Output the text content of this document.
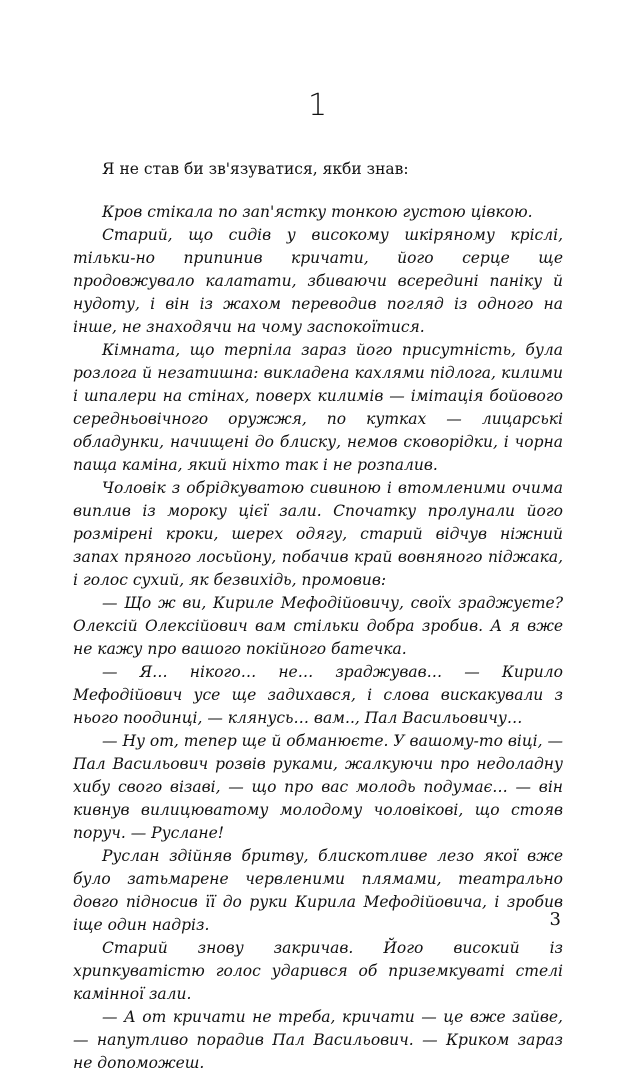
1
Я не став би зв'язуватися, якби знав:

Кров стікала по зап'ястку тонкою густою цівкою.

Старий, що сидів у високому шкіряному кріслі, тільки-но припинив кричати, його серце ще продовжувало калатати, збиваючи всередині паніку й нудоту, і він із жахом переводив погляд із одного на інше, не знаходячи на чому заспокоїтися.

Кімната, що терпіла зараз його присутність, була розлога й незатишна: викладена кахлями підлога, килими і шпалери на стінах, поверх килимів — імітація бойового середньовічного оружжя, по кутках — лицарські обладунки, начищені до блиску, немов сковорідки, і чорна паща каміна, який ніхто так і не розпалив.

Чоловік з обрідкуватою сивиною і втомленими очима виплив із мороку цієї зали. Спочатку пролунали його розмірені кроки, шерех одягу, старий відчув ніжний запах пряного лосьйону, побачив край вовняного піджака, і голос сухий, як безвихідь, промовив:

— Що ж ви, Кириле Мефодійовичу, своїх зраджуєте? Олексій Олексійович вам стільки добра зробив. А я вже не кажу про вашого покійного батечка.

— Я… нікого… не… зраджував… — Кирило Мефодійович усе ще задихався, і слова вискакували з нього поодинці, — клянусь… вам.., Пал Васильовичу…

— Ну от, тепер ще й обманюєте. У вашому-то віці, — Пал Васильович розвів руками, жалкуючи про недоладну хибу свого візаві, — що про вас молодь подумає… — він кивнув вилицюватому молодому чоловікові, що стояв поруч. — Руслане!

Руслан здійняв бритву, блискотливе лезо якої вже було затьмарене червленими плямами, театрально довго підносив її до руки Кирила Мефодійовича, і зробив іще один надріз.

Старий знову закричав. Його високий із хрипкуватістю голос ударився об приземкуваті стелі камінної зали.

— А от кричати не треба, кричати — це вже зайве, — напутливо порадив Пал Васильович. — Криком зараз не допоможеш.

3
